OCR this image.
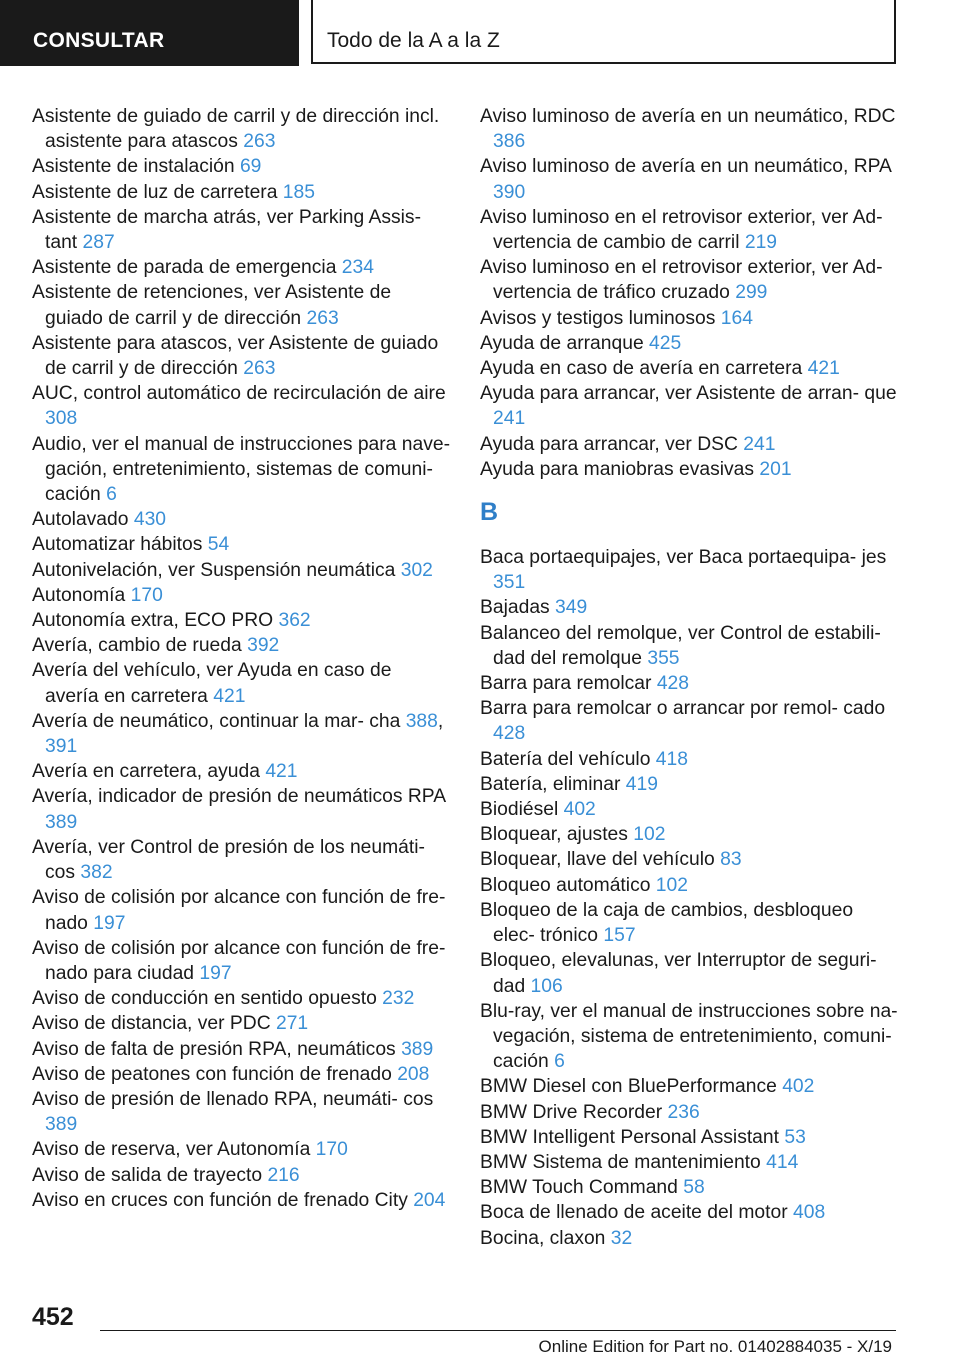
CONSULTAR	Todo de la A a la Z
Asistente de guiado de carril y de dirección incl. asistente para atascos 263
Asistente de instalación 69
Asistente de luz de carretera 185
Asistente de marcha atrás, ver Parking Assis- tant 287
Asistente de parada de emergencia 234
Asistente de retenciones, ver Asistente de guiado de carril y de dirección 263
Asistente para atascos, ver Asistente de guiado de carril y de dirección 263
AUC, control automático de recirculación de aire 308
Audio, ver el manual de instrucciones para nave- gación, entretenimiento, sistemas de comuni- cación 6
Autolavado 430
Automatizar hábitos 54
Autonivelación, ver Suspensión neumática 302
Autonomía 170
Autonomía extra, ECO PRO 362
Avería, cambio de rueda 392
Avería del vehículo, ver Ayuda en caso de avería en carretera 421
Avería de neumático, continuar la mar- cha 388, 391
Avería en carretera, ayuda 421
Avería, indicador de presión de neumáticos RPA 389
Avería, ver Control de presión de los neumáti- cos 382
Aviso de colisión por alcance con función de fre- nado 197
Aviso de colisión por alcance con función de fre- nado para ciudad 197
Aviso de conducción en sentido opuesto 232
Aviso de distancia, ver PDC 271
Aviso de falta de presión RPA, neumáticos 389
Aviso de peatones con función de frenado 208
Aviso de presión de llenado RPA, neumáti- cos 389
Aviso de reserva, ver Autonomía 170
Aviso de salida de trayecto 216
Aviso en cruces con función de frenado City 204
Aviso luminoso de avería en un neumático, RDC 386
Aviso luminoso de avería en un neumático, RPA 390
Aviso luminoso en el retrovisor exterior, ver Ad- vertencia de cambio de carril 219
Aviso luminoso en el retrovisor exterior, ver Ad- vertencia de tráfico cruzado 299
Avisos y testigos luminosos 164
Ayuda de arranque 425
Ayuda en caso de avería en carretera 421
Ayuda para arrancar, ver Asistente de arran- que 241
Ayuda para arrancar, ver DSC 241
Ayuda para maniobras evasivas 201
B
Baca portaequipajes, ver Baca portaequipa- jes 351
Bajadas 349
Balanceo del remolque, ver Control de estabili- dad del remolque 355
Barra para remolcar 428
Barra para remolcar o arrancar por remol- cado 428
Batería del vehículo 418
Batería, eliminar 419
Biodiésel 402
Bloquear, ajustes 102
Bloquear, llave del vehículo 83
Bloqueo automático 102
Bloqueo de la caja de cambios, desbloqueo elec- trónico 157
Bloqueo, elevalunas, ver Interruptor de seguri- dad 106
Blu-ray, ver el manual de instrucciones sobre na- vegación, sistema de entretenimiento, comuni- cación 6
BMW Diesel con BluePerformance 402
BMW Drive Recorder 236
BMW Intelligent Personal Assistant 53
BMW Sistema de mantenimiento 414
BMW Touch Command 58
Boca de llenado de aceite del motor 408
Bocina, claxon 32
452
Online Edition for Part no. 01402884035 - X/19
